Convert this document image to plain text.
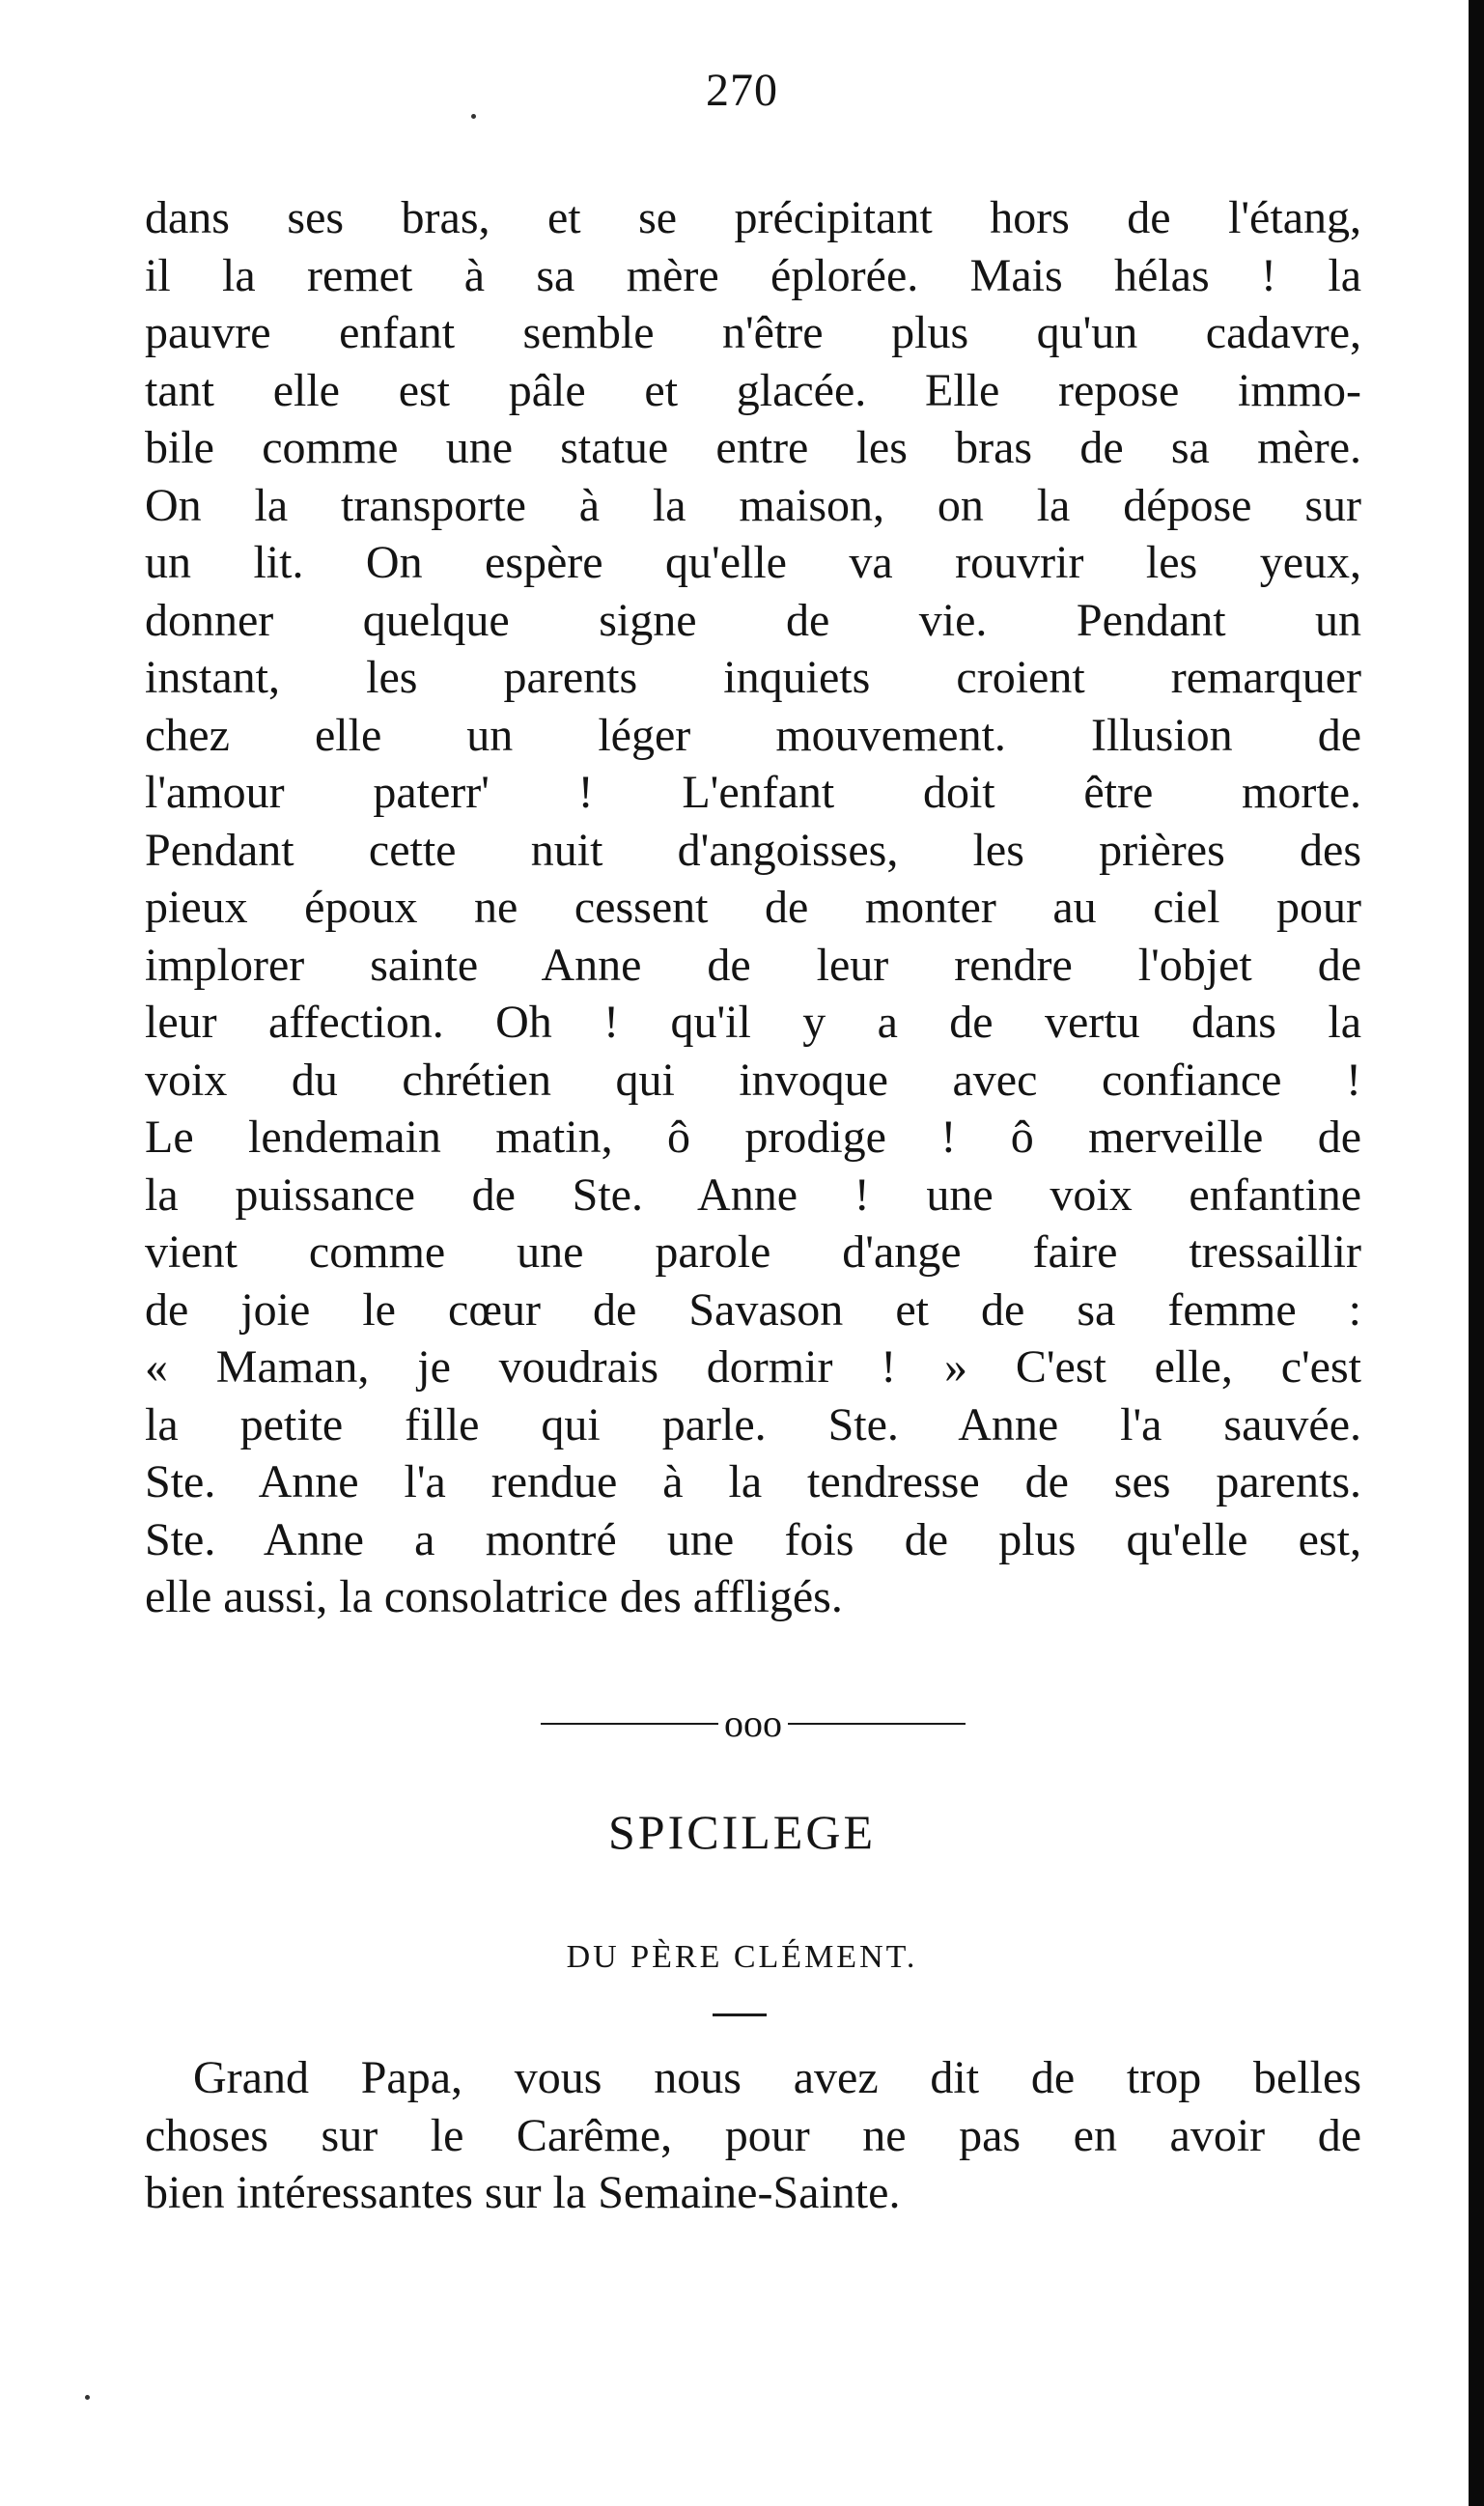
270
dans ses bras, et se précipitant hors de l'étang,
il la remet à sa mère éplorée. Mais hélas ! la
pauvre enfant semble n'être plus qu'un cadavre,
tant elle est pâle et glacée. Elle repose immo-
bile comme une statue entre les bras de sa mère.
On la transporte à la maison, on la dépose sur
un lit. On espère qu'elle va rouvrir les yeux,
donner quelque signe de vie. Pendant un
instant, les parents inquiets croient remarquer
chez elle un léger mouvement. Illusion de
l'amour paterr' ! L'enfant doit être morte.
Pendant cette nuit d'angoisses, les prières des
pieux époux ne cessent de monter au ciel pour
implorer sainte Anne de leur rendre l'objet de
leur affection. Oh ! qu'il y a de vertu dans la
voix du chrétien qui invoque avec confiance !
Le lendemain matin, ô prodige ! ô merveille de
la puissance de Ste. Anne ! une voix enfantine
vient comme une parole d'ange faire tressaillir
de joie le cœur de Savason et de sa femme :
« Maman, je voudrais dormir ! » C'est elle, c'est
la petite fille qui parle. Ste. Anne l'a sauvée.
Ste. Anne l'a rendue à la tendresse de ses parents.
Ste. Anne a montré une fois de plus qu'elle est,
elle aussi, la consolatrice des affligés.
ooo
SPICILEGE
DU PÈRE CLÉMENT.
Grand Papa, vous nous avez dit de trop belles
choses sur le Carême, pour ne pas en avoir de
bien intéressantes sur la Semaine-Sainte.
